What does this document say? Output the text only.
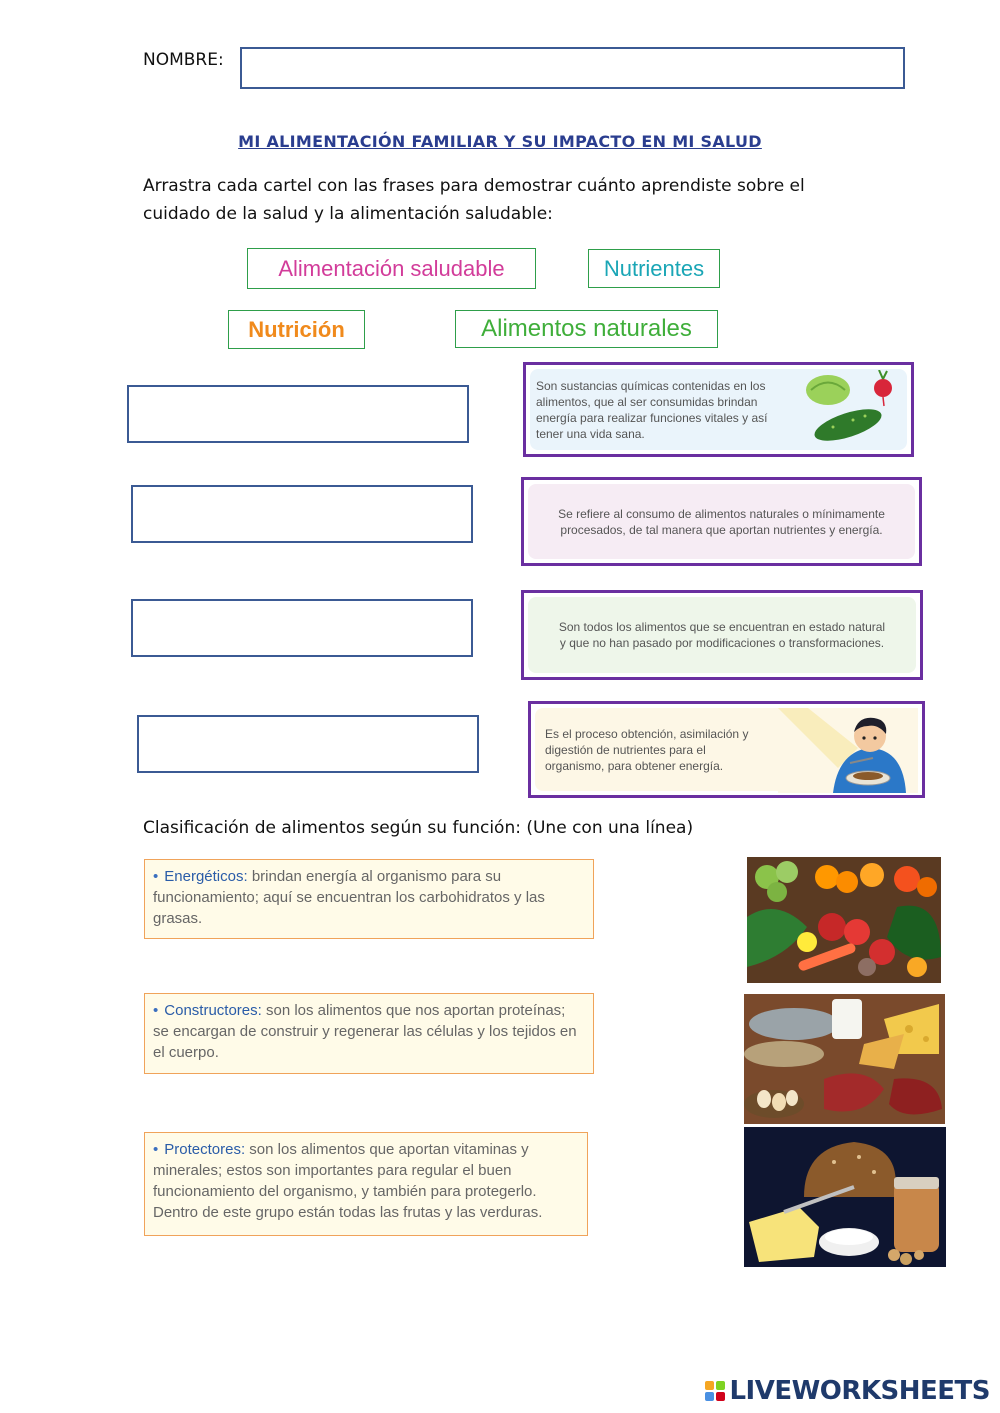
NOMBRE:
MI ALIMENTACIÓN FAMILIAR Y SU IMPACTO EN MI SALUD
Arrastra cada cartel con las frases para demostrar cuánto aprendiste sobre el cuidado de la salud y la alimentación saludable:
Alimentación saludable	Nutrientes
Nutrición	Alimentos naturales
Son sustancias químicas contenidas en los alimentos, que al ser consumidas brindan energía para realizar funciones vitales y así tener una vida sana.
Se refiere al consumo de alimentos naturales o mínimamente procesados, de tal manera que aportan nutrientes y energía.
Son todos los alimentos que se encuentran en estado natural y que no han pasado por modificaciones o transformaciones.
Es el proceso obtención, asimilación y digestión de nutrientes para el organismo, para obtener energía.
Clasificación de alimentos según su función: (Une con una línea)
• Energéticos: brindan energía al organismo para su funcionamiento; aquí se encuentran los carbohidratos y las grasas.
• Constructores: son los alimentos que nos aportan proteínas; se encargan de construir y regenerar las células y los tejidos en el cuerpo.
• Protectores: son los alimentos que aportan vitaminas y minerales; estos son importantes para regular el buen funcionamiento del organismo, y también para protegerlo. Dentro de este grupo están todas las frutas y las verduras.
LIVEWORKSHEETS
